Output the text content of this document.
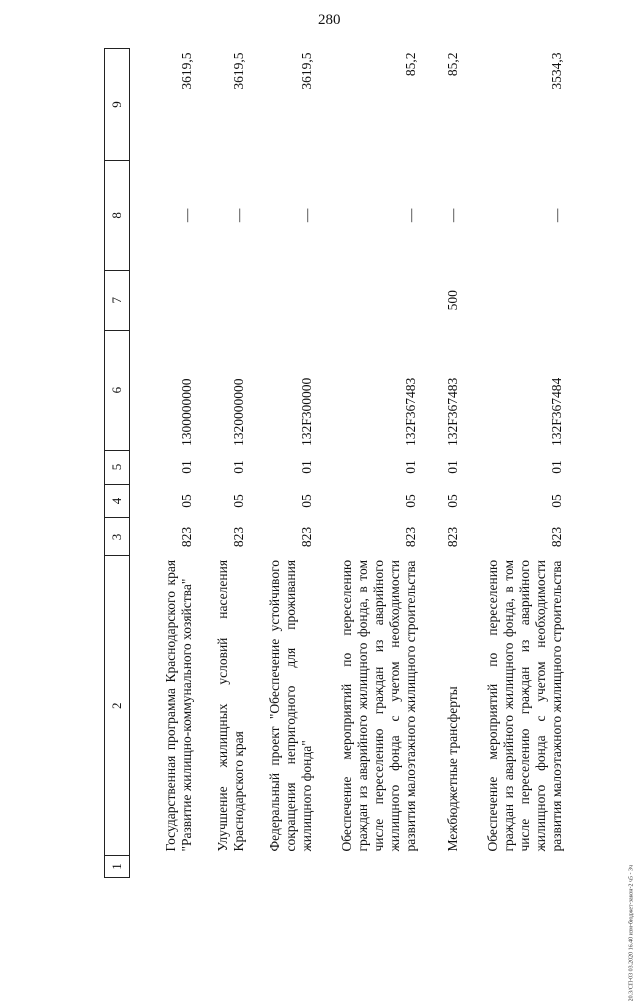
280
20.3/СП-03 03.2020 16.40 изм-бюджет-закон-2 ч5 - 3ч
1	2	3	4	5	6	7	8	9
	Государственная программа Краснодарского края "Развитие жилищно-коммунального хозяйства"	823	05	01	1300000000		—	3619,5
	Улучшение жилищных условий населения Краснодарского края	823	05	01	1320000000		—	3619,5
	Федеральный проект "Обеспечение устойчивого сокращения непригодного для проживания жилищного фонда"	823	05	01	132F300000		—	3619,5
	Обеспечение мероприятий по переселению граждан из аварийного жилищного фонда, в том числе переселению граждан из аварийного жилищного фонда с учетом необходимости развития малоэтажного жилищного строительства	823	05	01	132F367483		—	85,2
	Межбюджетные трансферты	823	05	01	132F367483	500	—	85,2
	Обеспечение мероприятий по переселению граждан из аварийного жилищного фонда, в том числе переселению граждан из аварийного жилищного фонда с учетом необходимости развития малоэтажного жилищного строительства	823	05	01	132F367484		—	3534,3
